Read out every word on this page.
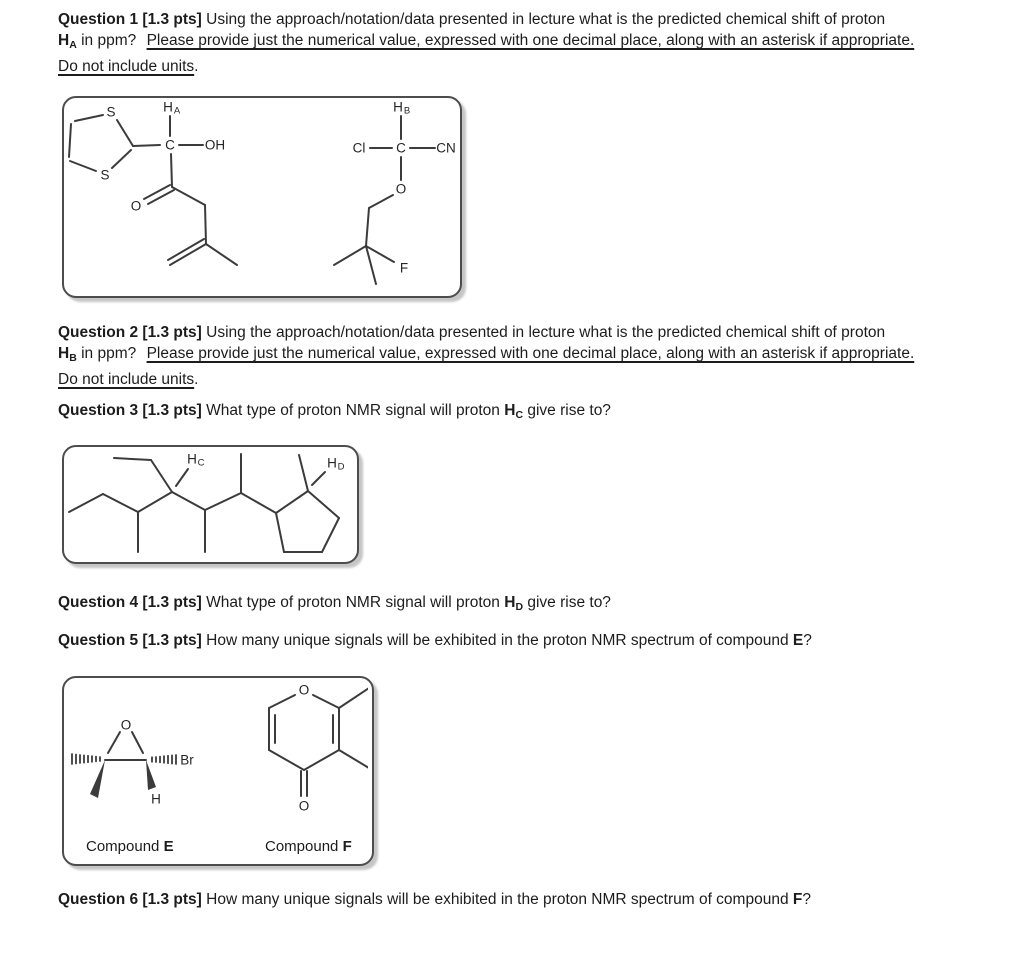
Question 1 [1.3 pts] Using the approach/notation/data presented in lecture what is the predicted chemical shift of proton
HA in ppm? Please provide just the numerical value, expressed with one decimal place, along with an asterisk if appropriate.
Do not include units.
S
S
H A
C OH
O
H B
Cl C CN
O
F
Question 2 [1.3 pts] Using the approach/notation/data presented in lecture what is the predicted chemical shift of proton
HB in ppm? Please provide just the numerical value, expressed with one decimal place, along with an asterisk if appropriate.
Do not include units.
Question 3 [1.3 pts] What type of proton NMR signal will proton HC give rise to?
H C	H D
Question 4 [1.3 pts] What type of proton NMR signal will proton HD give rise to?
Question 5 [1.3 pts] How many unique signals will be exhibited in the proton NMR spectrum of compound E?
O
Br
H
O
O
Compound E	Compound F
Question 6 [1.3 pts] How many unique signals will be exhibited in the proton NMR spectrum of compound F?
